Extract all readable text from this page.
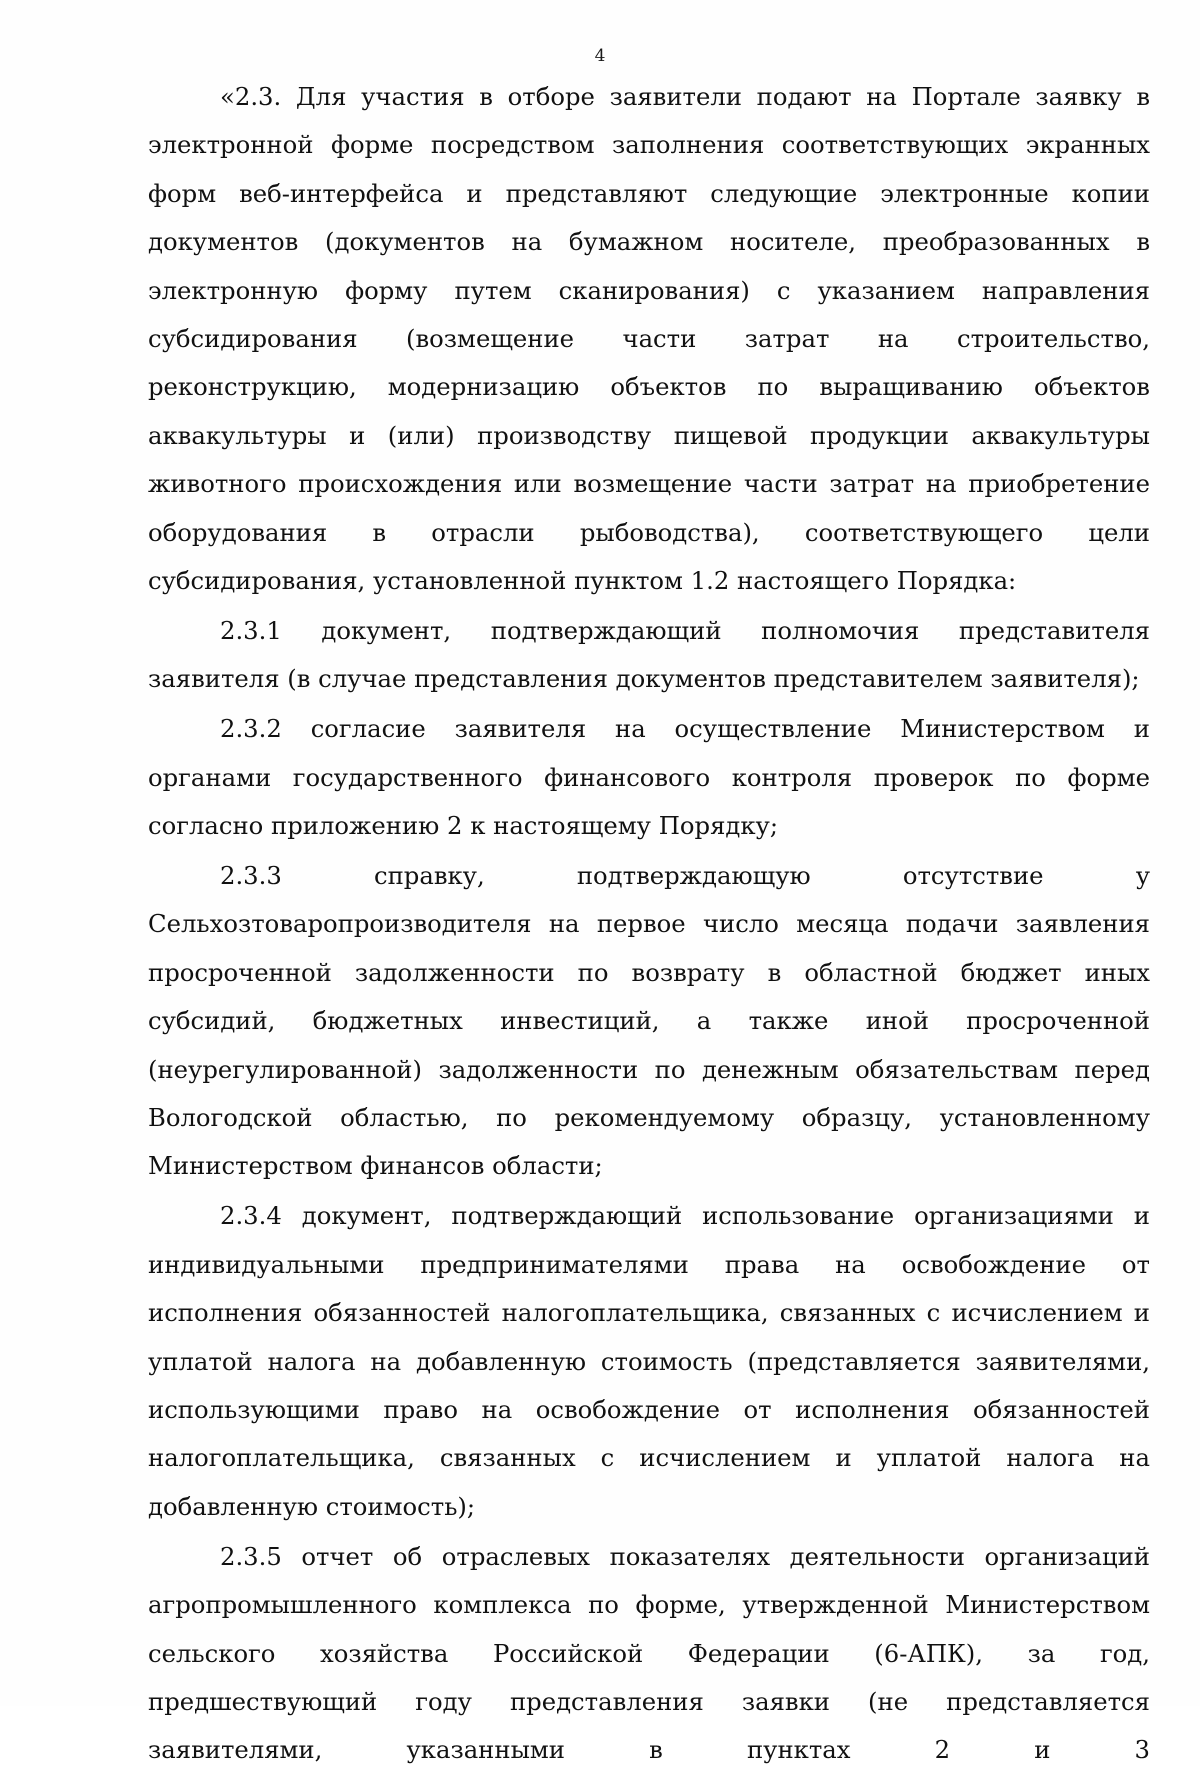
4

«2.3. Для участия в отборе заявители подают на Портале заявку в электронной форме посредством заполнения соответствующих экранных форм веб-интерфейса и представляют следующие электронные копии документов (документов на бумажном носителе, преобразованных в электронную форму путем сканирования) с указанием направления субсидирования (возмещение части затрат на строительство, реконструкцию, модернизацию объектов по выращиванию объектов аквакультуры и (или) производству пищевой продукции аквакультуры животного происхождения или возмещение части затрат на приобретение оборудования в отрасли рыбоводства), соответствующего цели субсидирования, установленной пунктом 1.2 настоящего Порядка:

2.3.1 документ, подтверждающий полномочия представителя заявителя (в случае представления документов представителем заявителя);

2.3.2 согласие заявителя на осуществление Министерством и органами государственного финансового контроля проверок по форме согласно приложению 2 к настоящему Порядку;

2.3.3 справку, подтверждающую отсутствие у Сельхозтоваропроизводителя на первое число месяца подачи заявления просроченной задолженности по возврату в областной бюджет иных субсидий, бюджетных инвестиций, а также иной просроченной (неурегулированной) задолженности по денежным обязательствам перед Вологодской областью, по рекомендуемому образцу, установленному Министерством финансов области;

2.3.4 документ, подтверждающий использование организациями и индивидуальными предпринимателями права на освобождение от исполнения обязанностей налогоплательщика, связанных с исчислением и уплатой налога на добавленную стоимость (представляется заявителями, использующими право на освобождение от исполнения обязанностей налогоплательщика, связанных с исчислением и уплатой налога на добавленную стоимость);

2.3.5 отчет об отраслевых показателях деятельности организаций агропромышленного комплекса по форме, утвержденной Министерством сельского хозяйства Российской Федерации (6-АПК), за год, предшествующий году представления заявки (не представляется заявителями, указанными в пунктах 2 и 3
